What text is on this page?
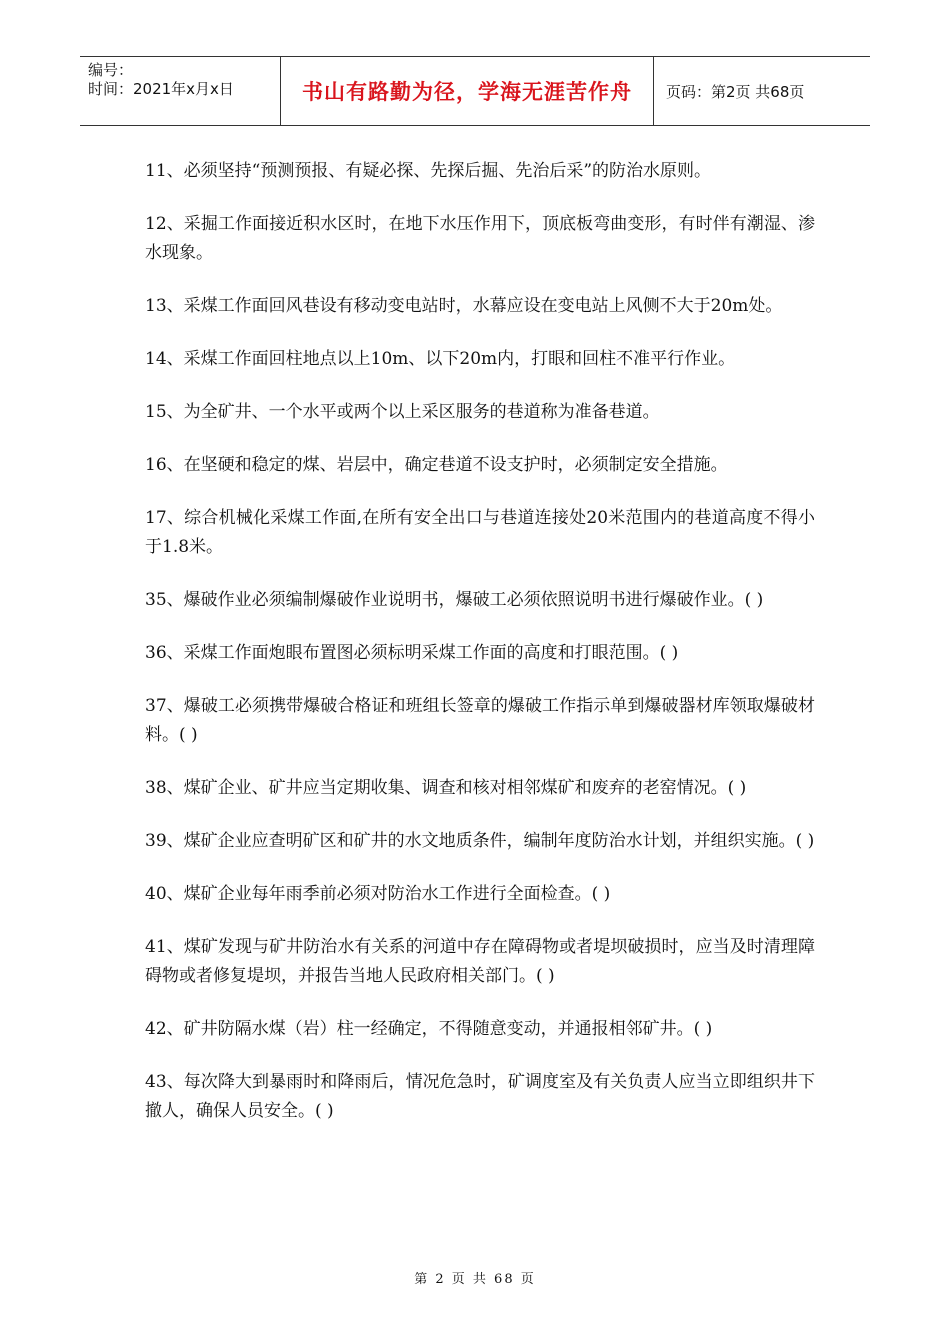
编号：
时间：2021年x月x日	书山有路勤为径，学海无涯苦作舟 页码：第2页 共68页

11、必须坚持“预测预报、有疑必探、先探后掘、先治后采”的防治水原则。

12、采掘工作面接近积水区时，在地下水压作用下，顶底板弯曲变形，有时伴有潮湿、渗水现象。

13、采煤工作面回风巷设有移动变电站时，水幕应设在变电站上风侧不大于20m处。

14、采煤工作面回柱地点以上10m、以下20m内，打眼和回柱不准平行作业。

15、为全矿井、一个水平或两个以上采区服务的巷道称为准备巷道。

16、在坚硬和稳定的煤、岩层中，确定巷道不设支护时，必须制定安全措施。

17、综合机械化采煤工作面,在所有安全出口与巷道连接处20米范围内的巷道高度不得小于1.8米。

35、爆破作业必须编制爆破作业说明书，爆破工必须依照说明书进行爆破作业。( )

36、采煤工作面炮眼布置图必须标明采煤工作面的高度和打眼范围。( )

37、爆破工必须携带爆破合格证和班组长签章的爆破工作指示单到爆破器材库领取爆破材料。( )

38、煤矿企业、矿井应当定期收集、调查和核对相邻煤矿和废弃的老窑情况。( )

39、煤矿企业应查明矿区和矿井的水文地质条件，编制年度防治水计划，并组织实施。( )

40、煤矿企业每年雨季前必须对防治水工作进行全面检查。( )

41、煤矿发现与矿井防治水有关系的河道中存在障碍物或者堤坝破损时，应当及时清理障碍物或者修复堤坝，并报告当地人民政府相关部门。( )

42、矿井防隔水煤（岩）柱一经确定，不得随意变动，并通报相邻矿井。( )

43、每次降大到暴雨时和降雨后，情况危急时，矿调度室及有关负责人应当立即组织井下撤人，确保人员安全。( )

第 2 页 共 68 页
